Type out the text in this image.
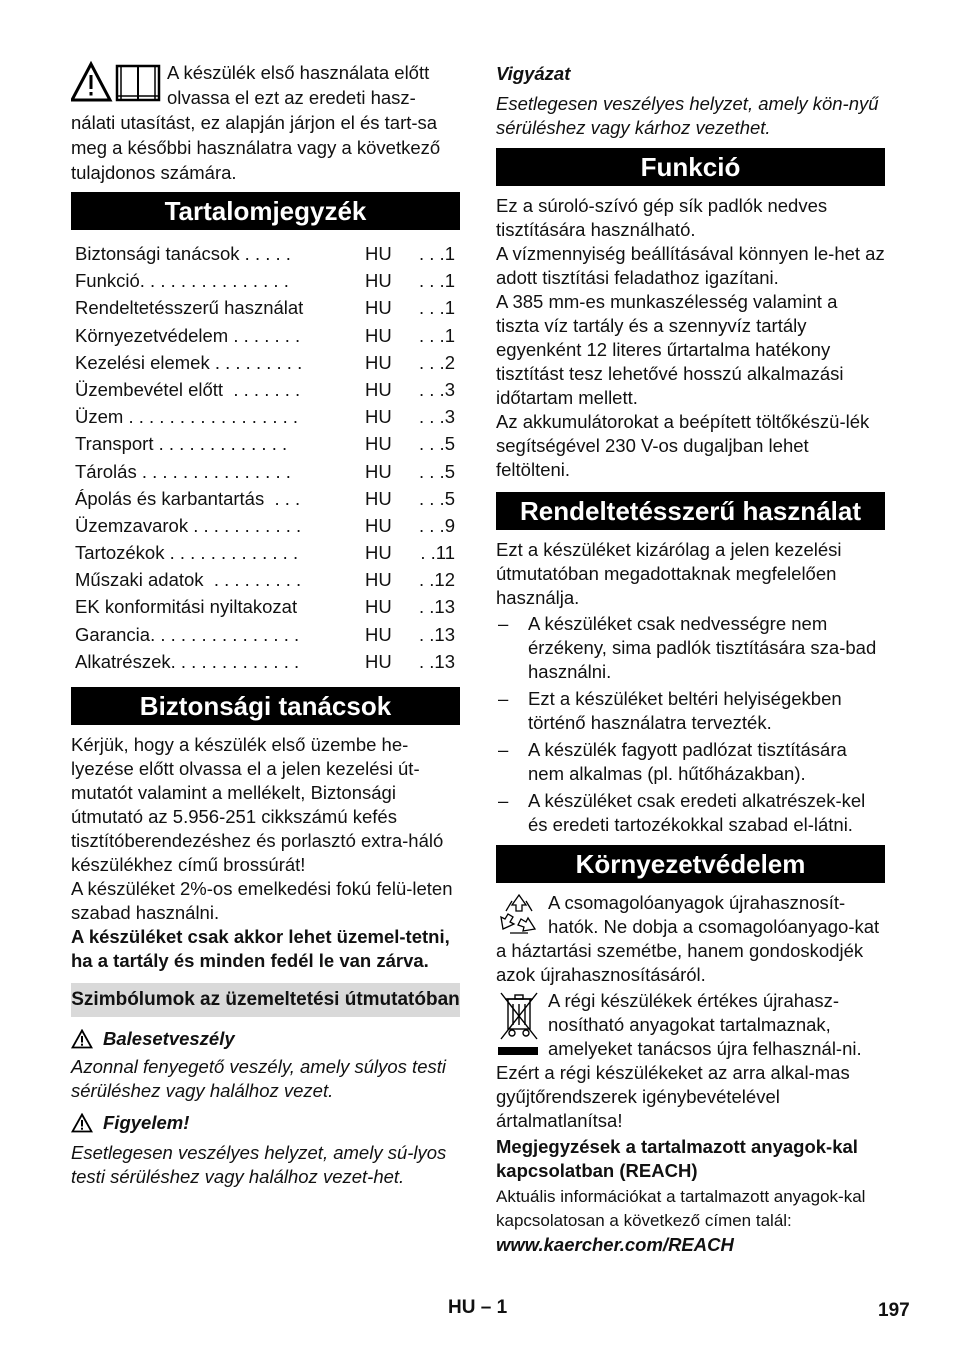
A készülék első használata előtt olvassa el ezt az eredeti hasz-nálati utasítást, ez alapján járjon el és tart-sa meg a későbbi használatra vagy a következő tulajdonos számára.

Tartalomjegyzék
Biztonsági tanácsok . . . . .	HU	. . .1
Funkció. . . . . . . . . . . . . . .	HU	. . .1
Rendeltetésszerű használat	HU	. . .1
Környezetvédelem . . . . . . .	HU	. . .1
Kezelési elemek . . . . . . . . .	HU	. . .2
Üzembevétel előtt  . . . . . . .	HU	. . .3
Üzem . . . . . . . . . . . . . . . . .	HU	. . .3
Transport . . . . . . . . . . . . .	HU	. . .5
Tárolás . . . . . . . . . . . . . . .	HU	. . .5
Ápolás és karbantartás  . . .	HU	. . .5
Üzemzavarok . . . . . . . . . . .	HU	. . .9
Tartozékok . . . . . . . . . . . . .	HU	. .11
Műszaki adatok  . . . . . . . . .	HU	. .12
EK konformitási nyiltakozat	HU	. .13
Garancia. . . . . . . . . . . . . . .	HU	. .13
Alkatrészek. . . . . . . . . . . . .	HU	. .13
Biztonsági tanácsok

Kérjük, hogy a készülék első üzembe he-lyezése előtt olvassa el a jelen kezelési út-mutatót valamint a mellékelt, Biztonsági útmutató az 5.956-251 cikkszámú kefés tisztítóberendezéshez és porlasztó extra-háló készülékhez című brossúrát!

A készüléket 2%-os emelkedési fokú felü-leten szabad használni.

A készüléket csak akkor lehet üzemel-tetni, ha a tartály és minden fedél le van zárva.

Szimbólumok az üzemeltetési útmutatóban
Balesetveszély

Azonnal fenyegető veszély, amely súlyos testi sérüléshez vagy halálhoz vezet.

Figyelem!

Esetlegesen veszélyes helyzet, amely sú-lyos testi sérüléshez vagy halálhoz vezet-het.

Vigyázat

Esetlegesen veszélyes helyzet, amely kön-nyű sérüléshez vagy kárhoz vezethet.

Funkció

Ez a súroló-szívó gép sík padlók nedves tisztítására használható.

A vízmennyiség beállításával könnyen le-het az adott tisztítási feladathoz igazítani.

A 385 mm-es munkaszélesség valamint a tiszta víz tartály és a szennyvíz tartály egyenként 12 literes űrtartalma hatékony tisztítást tesz lehetővé hosszú alkalmazási időtartam mellett.

Az akkumulátorokat a beépített töltőkészü-lék segítségével 230 V-os dugaljban lehet feltölteni.

Rendeltetésszerű használat

Ezt a készüléket kizárólag a jelen kezelési útmutatóban megadottaknak megfelelően használja.

– A készüléket csak nedvességre nem érzékeny, sima padlók tisztítására sza-bad használni.
– Ezt a készüléket beltéri helyiségekben történő használatra tervezték.
– A készülék fagyott padlózat tisztítására nem alkalmas (pl. hűtőházakban).
– A készüléket csak eredeti alkatrészek-kel és eredeti tartozékokkal szabad el-látni.
Környezetvédelem

A csomagolóanyagok újrahasznosít-hatók. Ne dobja a csomagolóanyago-kat a háztartási szemétbe, hanem gondoskodjék azok újrahasznosításáról.

A régi készülékek értékes újrahasz-nosítható anyagokat tartalmaznak, amelyeket tanácsos újra felhasznál-ni. Ezért a régi készülékeket az arra alkal-mas gyűjtőrendszerek igénybevételével ártalmatlanítsa!

Megjegyzések a tartalmazott anyagok-kal kapcsolatban (REACH)

Aktuális információkat a tartalmazott anyagok-kal kapcsolatosan a következő címen talál:

www.kaercher.com/REACH

HU – 1	197
